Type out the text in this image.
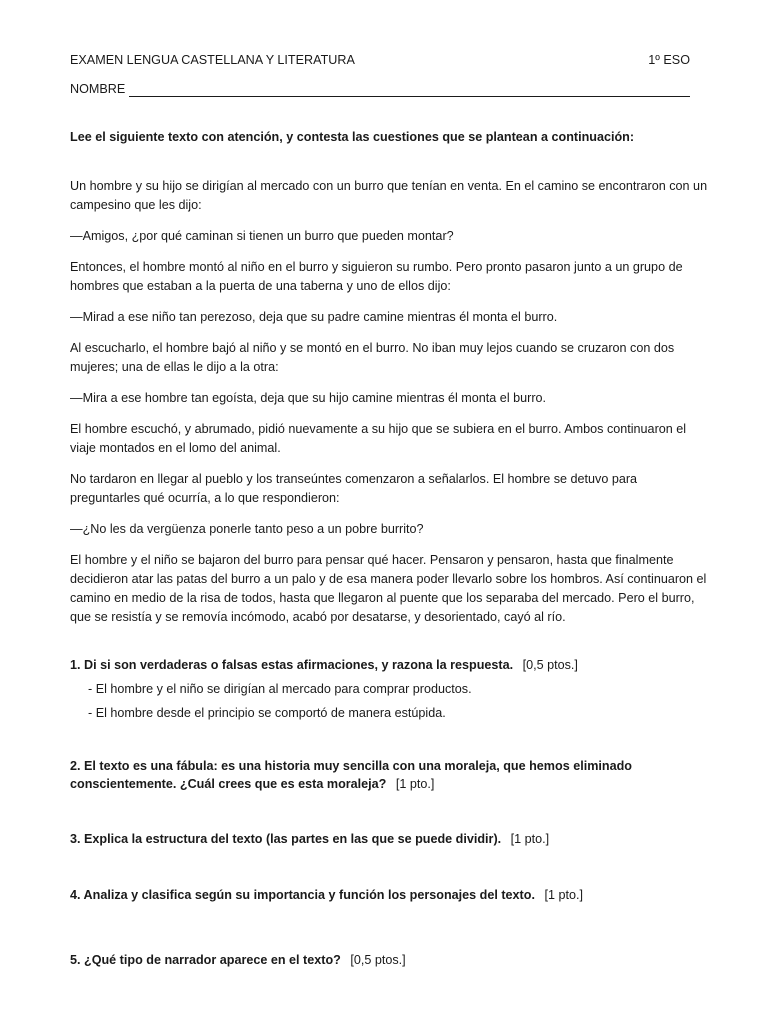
EXAMEN LENGUA CASTELLANA Y LITERATURA	1º ESO
NOMBRE
Lee el siguiente texto con atención, y contesta las cuestiones que se plantean a continuación:

Un hombre y su hijo se dirigían al mercado con un burro que tenían en venta. En el camino se encontraron con un campesino que les dijo:

—Amigos, ¿por qué caminan si tienen un burro que pueden montar?

Entonces, el hombre montó al niño en el burro y siguieron su rumbo. Pero pronto pasaron junto a un grupo de hombres que estaban a la puerta de una taberna y uno de ellos dijo:

—Mirad a ese niño tan perezoso, deja que su padre camine mientras él monta el burro.

Al escucharlo, el hombre bajó al niño y se montó en el burro. No iban muy lejos cuando se cruzaron con dos mujeres; una de ellas le dijo a la otra:

—Mira a ese hombre tan egoísta, deja que su hijo camine mientras él monta el burro.

El hombre escuchó, y abrumado, pidió nuevamente a su hijo que se subiera en el burro. Ambos continuaron el viaje montados en el lomo del animal.

No tardaron en llegar al pueblo y los transeúntes comenzaron a señalarlos. El hombre se detuvo para preguntarles qué ocurría, a lo que respondieron:

—¿No les da vergüenza ponerle tanto peso a un pobre burrito?

El hombre y el niño se bajaron del burro para pensar qué hacer. Pensaron y pensaron, hasta que finalmente decidieron atar las patas del burro a un palo y de esa manera poder llevarlo sobre los hombros. Así continuaron el camino en medio de la risa de todos, hasta que llegaron al puente que los separaba del mercado. Pero el burro, que se resistía y se removía incómodo, acabó por desatarse, y desorientado, cayó al río.

1. Di si son verdaderas o falsas estas afirmaciones, y razona la respuesta. [0,5 ptos.]
- El hombre y el niño se dirigían al mercado para comprar productos.
- El hombre desde el principio se comportó de manera estúpida.
2. El texto es una fábula: es una historia muy sencilla con una moraleja, que hemos eliminado conscientemente. ¿Cuál crees que es esta moraleja? [1 pto.]
3. Explica la estructura del texto (las partes en las que se puede dividir). [1 pto.]
4. Analiza y clasifica según su importancia y función los personajes del texto. [1 pto.]
5. ¿Qué tipo de narrador aparece en el texto? [0,5 ptos.]
